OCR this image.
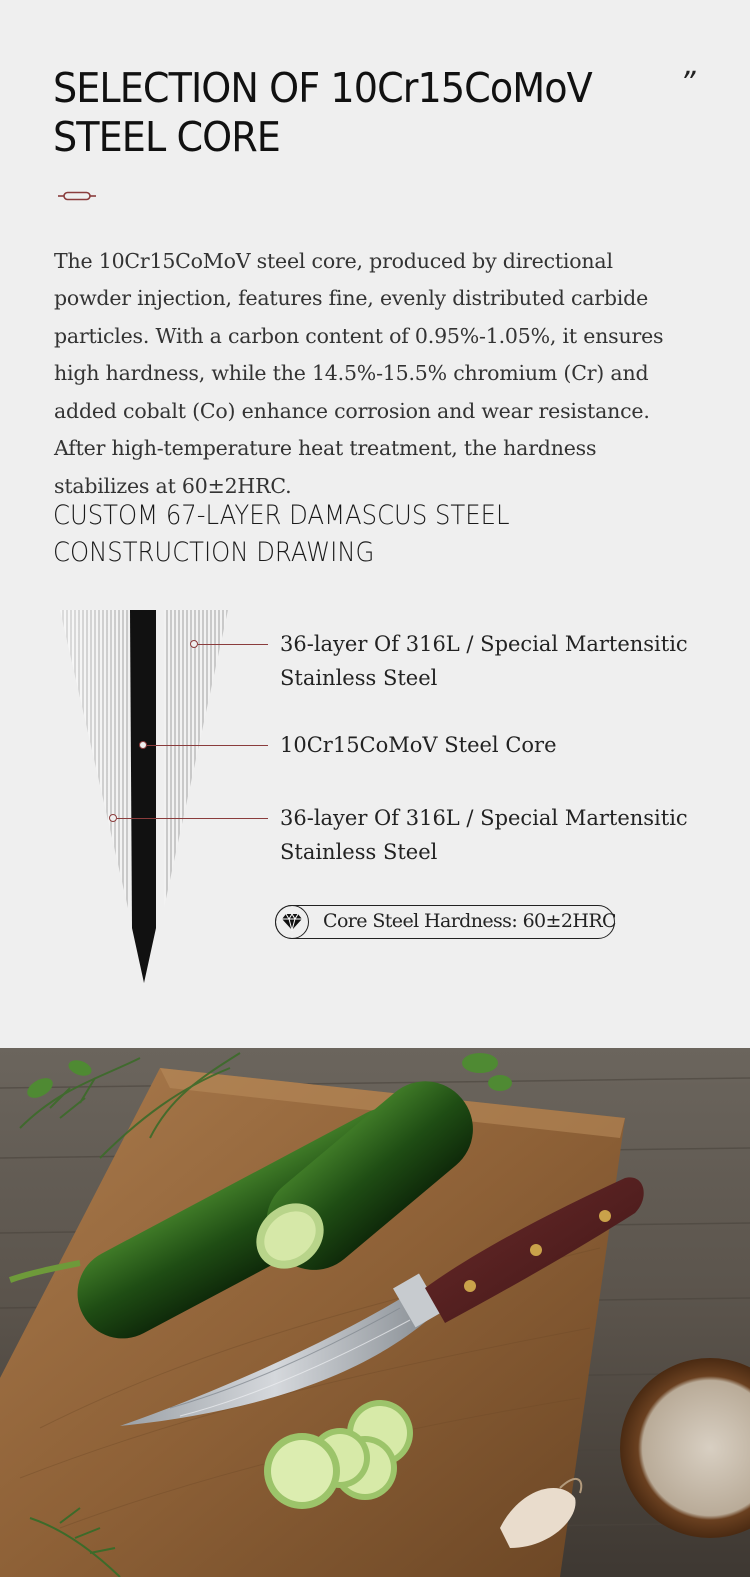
SELECTION OF 10Cr15CoMoV
STEEL CORE
”

The 10Cr15CoMoV steel core, produced by directional powder injection, features fine, evenly distributed carbide particles. With a carbon content of 0.95%-1.05%, it ensures high hardness, while the 14.5%-15.5% chromium (Cr) and added cobalt (Co) enhance corrosion and wear resistance. After high-temperature heat treatment, the hardness stabilizes at 60±2HRC.

CUSTOM 67-LAYER DAMASCUS STEEL
CONSTRUCTION DRAWING
36-layer Of 316L / Special Martensitic
Stainless Steel
10Cr15CoMoV Steel Core
36-layer Of 316L / Special Martensitic
Stainless Steel
Core Steel Hardness: 60±2HRC
